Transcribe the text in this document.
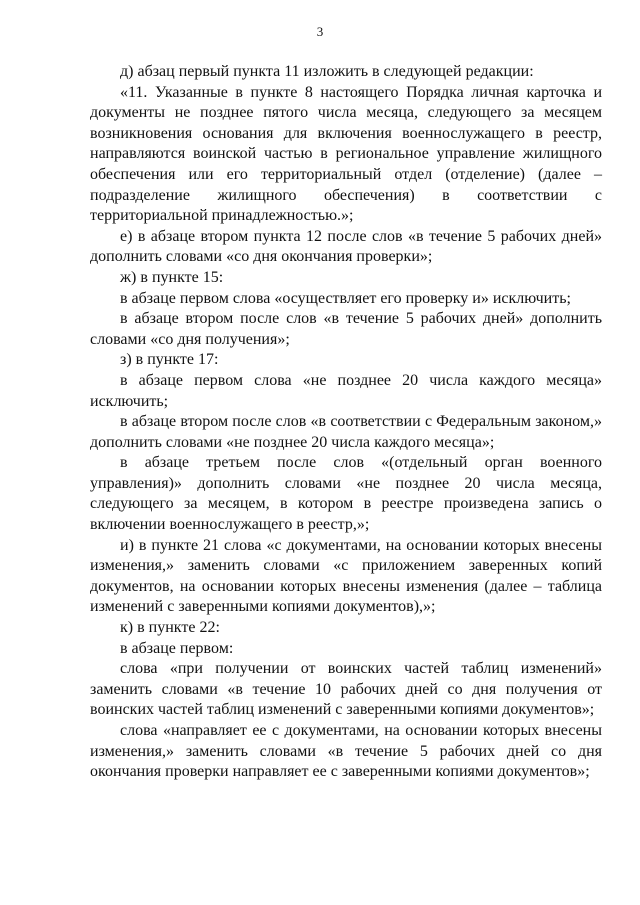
3

д) абзац первый пункта 11 изложить в следующей редакции:

«11. Указанные в пункте 8 настоящего Порядка личная карточка и документы не позднее пятого числа месяца, следующего за месяцем возникновения основания для включения военнослужащего в реестр, направляются воинской частью в региональное управление жилищного обеспечения или его территориальный отдел (отделение) (далее – подразделение жилищного обеспечения) в соответствии с территориальной принадлежностью.»;

е) в абзаце втором пункта 12 после слов «в течение 5 рабочих дней» дополнить словами «со дня окончания проверки»;

ж) в пункте 15:

в абзаце первом слова «осуществляет его проверку и» исключить;

в абзаце втором после слов «в течение 5 рабочих дней» дополнить словами «со дня получения»;

з) в пункте 17:

в абзаце первом слова «не позднее 20 числа каждого месяца» исключить;

в абзаце втором после слов «в соответствии с Федеральным законом,» дополнить словами «не позднее 20 числа каждого месяца»;

в абзаце третьем после слов «(отдельный орган военного управления)» дополнить словами «не позднее 20 числа месяца, следующего за месяцем, в котором в реестре произведена запись о включении военнослужащего в реестр,»;

и) в пункте 21 слова «с документами, на основании которых внесены изменения,» заменить словами «с приложением заверенных копий документов, на основании которых внесены изменения (далее – таблица изменений с заверенными копиями документов),»;

к) в пункте 22:

в абзаце первом:

слова «при получении от воинских частей таблиц изменений» заменить словами «в течение 10 рабочих дней со дня получения от воинских частей таблиц изменений с заверенными копиями документов»;

слова «направляет ее с документами, на основании которых внесены изменения,» заменить словами «в течение 5 рабочих дней со дня окончания проверки направляет ее с заверенными копиями документов»;
